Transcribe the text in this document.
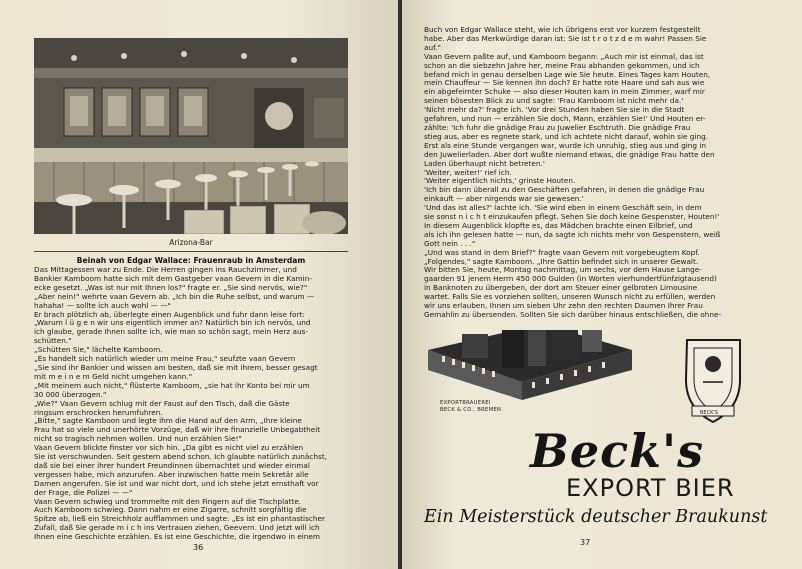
Arizona-Bar
Beinah von Edgar Wallace: Frauenraub in Amsterdam

Das Mittagessen war zu Ende. Die Herren gingen ins Rauchzimmer, und

Bankier Kamboom hatte sich mit dem Gastgeber vaan Gevern in die Kamin-

ecke gesetzt. „Was ist nur mit Ihnen los?" fragte er. „Sie sind nervös, wie?"

„Aber nein!" wehrte vaan Gevern ab. „Ich bin die Ruhe selbst, und warum —

hahaha! — sollte ich auch wohl — —"

Er brach plötzlich ab, überlegte einen Augenblick und fuhr dann leise fort:

„Warum l ü g e n wir uns eigentlich immer an? Natürlich bin ich nervös, und

ich glaube, gerade Ihnen sollte ich, wie man so schön sagt, mein Herz aus-

schütten."

„Schütten Sie," lächelte Kamboom.

„Es handelt sich natürlich wieder um meine Frau," seufzte vaan Gevern

„Sie sind ihr Bankier und wissen am besten, daß sie mit ihrem, besser gesagt

mit m e i n e m Geld nicht umgehen kann."

„Mit meinem auch nicht," flüsterte Kamboom, „sie hat ihr Konto bei mir um

30 000 überzogen."

„Wie?" Vaan Gevern schlug mit der Faust auf den Tisch, daß die Gäste

ringsum erschrocken herumfuhren.

„Bitte," sagte Kamboon und legte ihm die Hand auf den Arm, „Ihre kleine

Frau hat so viele und unerhörte Vorzüge, daß wir ihre finanzielle Unbegabtheit

nicht so tragisch nehmen wollen. Und nun erzählen Sie!"

Vaan Gevern blickte finster vor sich hin. „Da gibt es nicht viel zu erzählen

Sie ist verschwunden. Seit gestern abend schon. Ich glaubte natürlich zunächst,

daß sie bei einer ihrer hundert Freundinnen übernachtet und wieder einmal

vergessen habe, mich anzurufen. Aber inzwischen hatte mein Sekretär alle

Damen angerufen. Sie ist und war nicht dort, und ich stehe jetzt ernsthaft vor

der Frage, die Polizei — —"

Vaan Gevern schwieg und trommelte mit den Fingern auf die Tischplatte.

Auch Kamboom schwieg. Dann nahm er eine Zigarre, schnitt sorgfältig die

Spitze ab, ließ ein Streichholz aufflammen und sagte: „Es ist ein phantastischer

Zufall, daß Sie gerade m i c h ins Vertrauen ziehen, Geevern. Und jetzt will ich

Ihnen eine Geschichte erzählen. Es ist eine Geschichte, die irgendwo in einem

36

Buch von Edgar Wallace steht, wie ich übrigens erst vor kurzem festgestellt

habe. Aber das Merkwürdige daran ist: Sie ist t r o t z d e m wahr! Passen Sie

auf."

Vaan Gevern paßte auf, und Kamboom begann: „Auch mir ist einmal, das ist

schon an die siebzehn Jahre her, meine Frau abhanden gekommen, und ich

befand mich in genau derselben Lage wie Sie heute. Eines Tages kam Houten,

mein Chauffeur — Sie kennen ihn doch? Er hatte rote Haare und sah aus wie

ein abgefeimter Schuke — also dieser Houten kam in mein Zimmer, warf mir

seinen bösesten Blick zu und sagte: 'Frau Kamboom ist nicht mehr da.'

'Nicht mehr da?' fragte ich. 'Vor drei Stunden haben Sie sie in die Stadt

gefahren, und nun — erzählen Sie doch, Mann, erzählen Sie!' Und Houten er-

zählte: 'Ich fuhr die gnädige Frau zu Juwelier Eschtruth. Die gnädige Frau

stieg aus, aber es regnete stark, und ich achtete nicht darauf, wohin sie ging.

Erst als eine Stunde vergangen war, wurde ich unruhig, stieg aus und ging in

den Juwelierladen. Aber dort wußte niemand etwas, die gnädige Frau hatte den

Laden überhaupt nicht betreten.'

'Weiter, weiter!' rief ich.

'Weiter eigentlich nichts,' grinste Houten.

'Ich bin dann überall zu den Geschäften gefahren, in denen die gnädige Frau

einkauft — aber nirgends war sie gewesen.'

'Und das ist alles?' lachte ich. 'Sie wird eben in einem Geschäft sein, in dem

sie sonst n i c h t einzukaufen pflegt. Sehen Sie doch keine Gespenster, Houten!'

In diesem Augenblick klopfte es, das Mädchen brachte einen Eilbrief, und

als ich ihn gelesen hatte — nun, da sagte ich nichts mehr von Gespenstern, weiß

Gott nein . . ."

„Und was stand in dem Brief?" fragte vaan Gevern mit vorgebeugtem Kopf.

„Folgendes," sagte Kamboom. „Ihre Gattin befindet sich in unserer Gewalt.

Wir bitten Sie, heute, Montag nachmittag, um sechs, vor dem Hause Lange-

gaarden 91 jenem Herrn 450 000 Gulden (in Worten vierhundertfünfzigtausend)

in Banknoten zu übergeben, der dort am Steuer einer gelbroten Limousine

wartet. Falls Sie es vorziehen sollten, unseren Wunsch nicht zu erfüllen, werden

wir uns erlauben, Ihnen um sieben Uhr zehn den rechten Daumen Ihrer Frau

Gemahlin zu übersenden. Sollten Sie sich darüber hinaus entschließen, die ohne-

EXPORTBRAUEREI
BECK & CO., BREMEN
BECK'S
Beck's
EXPORT BIER
Ein Meisterstück deutscher Braukunst
37
